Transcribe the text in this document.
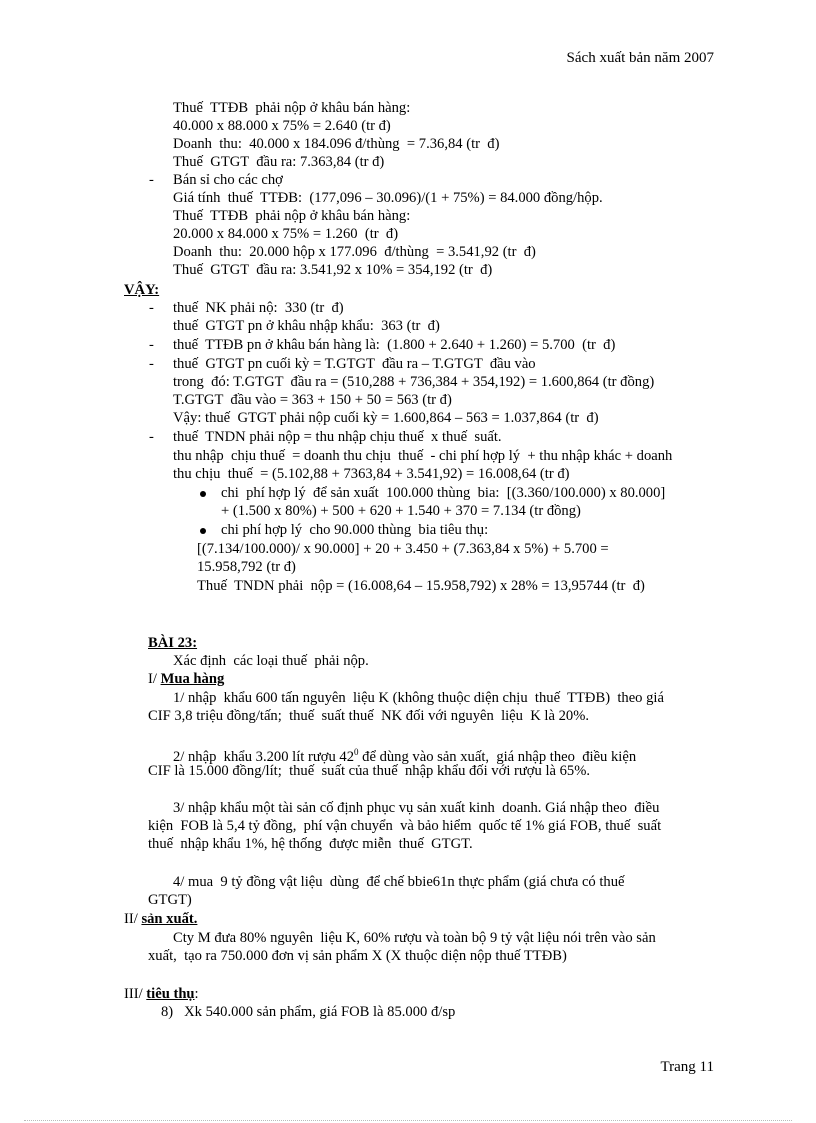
Sách xuất bản năm 2007
Thuế  TTĐB  phải nộp ở khâu bán hàng:
40.000 x 88.000 x 75% = 2.640 (tr đ)
Doanh  thu:  40.000 x 184.096 đ/thùng  = 7.36,84 (tr  đ)
Thuế  GTGT  đầu ra: 7.363,84 (tr đ)
- Bán sỉ cho các chợ
Giá tính  thuế  TTĐB:  (177,096 – 30.096)/(1 + 75%) = 84.000 đồng/hộp.
Thuế  TTĐB  phải nộp ở khâu bán hàng:
20.000 x 84.000 x 75% = 1.260  (tr  đ)
Doanh  thu:  20.000 hộp x 177.096  đ/thùng  = 3.541,92 (tr  đ)
Thuế  GTGT  đầu ra: 3.541,92 x 10% = 354,192 (tr  đ)
VẬY:
- thuế  NK phải nộ:  330 (tr  đ)
thuế  GTGT pn ở khâu nhập khẩu:  363 (tr  đ)
- thuế  TTĐB pn ở khâu bán hàng là:  (1.800 + 2.640 + 1.260) = 5.700  (tr  đ)
- thuế  GTGT pn cuối kỳ = T.GTGT  đầu ra – T.GTGT  đầu vào
trong  đó: T.GTGT  đầu ra = (510,288 + 736,384 + 354,192) = 1.600,864 (tr đồng)
T.GTGT  đầu vào = 363 + 150 + 50 = 563 (tr đ)
Vậy: thuế  GTGT phải nộp cuối kỳ = 1.600,864 – 563 = 1.037,864 (tr  đ)
- thuế  TNDN phải nộp = thu nhập chịu thuế  x thuế  suất.
thu nhập  chịu thuế  = doanh thu chịu  thuế  - chi phí hợp lý  + thu nhập khác + doanh
thu chịu  thuế  = (5.102,88 + 7363,84 + 3.541,92) = 16.008,64 (tr đ)
chi  phí hợp lý  để sản xuất  100.000 thùng  bia:  [(3.360/100.000) x 80.000]
+ (1.500 x 80%) + 500 + 620 + 1.540 + 370 = 7.134 (tr đồng)
chi phí hợp lý  cho 90.000 thùng  bia tiêu thụ:
[(7.134/100.000)/ x 90.000] + 20 + 3.450 + (7.363,84 x 5%) + 5.700 =
15.958,792 (tr đ)
Thuế  TNDN phải  nộp = (16.008,64 – 15.958,792) x 28% = 13,95744 (tr  đ)
BÀI 23:
Xác định  các loại thuế  phải nộp.
I/ Mua hàng
1/ nhập  khẩu 600 tấn nguyên  liệu K (không thuộc diện chịu  thuế  TTĐB)  theo giá
CIF 3,8 triệu đồng/tấn;  thuế  suất thuế  NK đối với nguyên  liệu  K là 20%.
2/ nhập  khẩu 3.200 lít rượu $42^0$ để dùng vào sản xuất,  giá nhập theo  điều kiện
CIF là 15.000 đồng/lít;  thuế  suất của thuế  nhập khẩu đối với rượu là 65%.
3/ nhập khẩu một tài sản cố định phục vụ sản xuất kinh  doanh. Giá nhập theo  điều
kiện  FOB là 5,4 tỷ đồng,  phí vận chuyển  và bảo hiểm  quốc tế 1% giá FOB, thuế  suất
thuế  nhập khẩu 1%, hệ thống  được miễn  thuế  GTGT.
4/ mua  9 tỷ đồng vật liệu  dùng  để chế bbie61n thực phẩm (giá chưa có thuế
GTGT)
II/ sản xuất.
Cty M đưa 80% nguyên  liệu K, 60% rượu và toàn bộ 9 tỷ vật liệu nói trên vào sản
xuất,  tạo ra 750.000 đơn vị sản phẩm X (X thuộc diện nộp thuế TTĐB)
III/ tiêu thụ:
8)   Xk 540.000 sản phẩm, giá FOB là 85.000 đ/sp
Trang 11
